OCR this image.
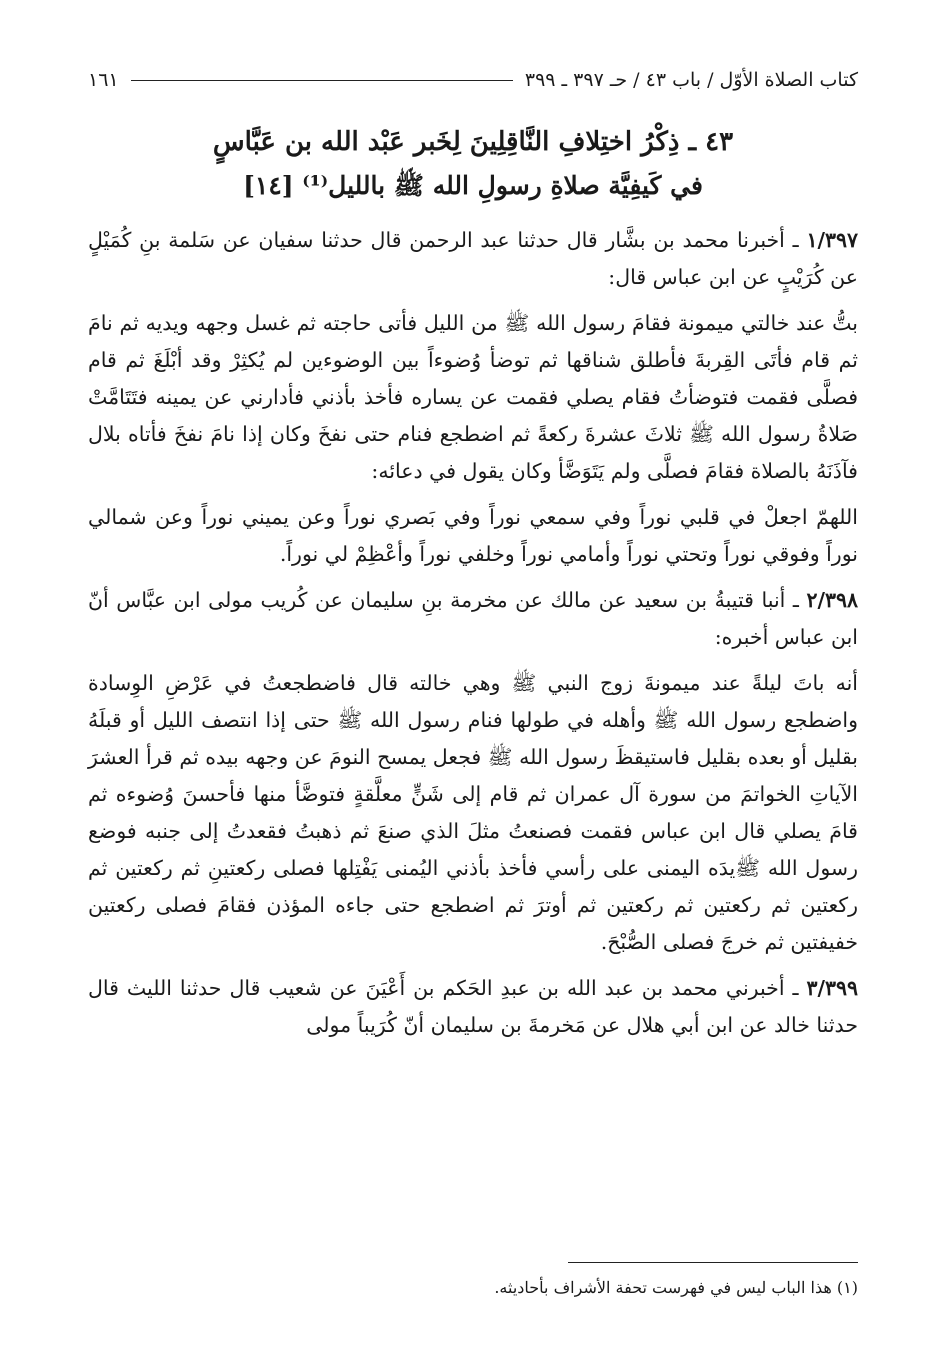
كتاب الصلاة الأوّل / باب ٤٣ / حـ ٣٩٧ ـ ٣٩٩
١٦١
٤٣ ـ ذِكْرُ اختِلافِ النَّاقِلِينَ لِخَبر عَبْد الله بن عَبَّاسٍ
في كَيفِيَّة صلاةِ رسولِ الله ﷺ بالليل⁽¹⁾ [١٤]

١/٣٩٧ ـ أخبرنا محمد بن بشَّار قال حدثنا عبد الرحمن قال حدثنا سفيان عن سَلمة بنِ كُمَيْلٍ عن كُرَيْبٍ عن ابن عباس قال:

بتُّ عند خالتي ميمونة فقامَ رسول الله ﷺ من الليل فأتى حاجته ثم غسل وجهه ويديه ثم نامَ ثم قام فأتَى القِربةَ فأطلق شناقها ثم توضأ وُضوءاً بين الوضوءين لم يُكثِرْ وقد أبْلَغَ ثم قام فصلَّى فقمت فتوضأتُ فقام يصلي فقمت عن يساره فأخذ بأذني فأدارني عن يمينه فتَتَامَّتْ صَلاةُ رسول الله ﷺ ثلاثَ عشرةَ ركعةً ثم اضطجع فنام حتى نفخَ وكان إذا نامَ نفخَ فأتاه بلال فآذَنَهُ بالصلاة فقامَ فصلَّى ولم يَتَوَضَّأ وكان يقول في دعائه:

اللهمّ اجعلْ في قلبي نوراً وفي سمعي نوراً وفي بَصري نوراً وعن يميني نوراً وعن شمالي نوراً وفوقي نوراً وتحتي نوراً وأمامي نوراً وخلفي نوراً وأعْظِمْ لي نوراً.

٢/٣٩٨ ـ أنبا قتيبةُ بن سعيد عن مالك عن مخرمة بنِ سليمان عن كُريب مولى ابن عبَّاس أنّ ابن عباس أخبره:

أنه باتَ ليلةً عند ميمونةَ زوج النبي ﷺ وهي خالته قال فاضطجعتُ في عَرْضِ الوِسادة واضطجع رسول الله ﷺ وأهله في طولها فنام رسول الله ﷺ حتى إذا انتصف الليل أو قبلَهُ بقليل أو بعده بقليل فاستيقظَ رسول الله ﷺ فجعل يمسح النومَ عن وجهه بيده ثم قرأ العشرَ الآياتِ الخواتمَ من سورة آل عمران ثم قام إلى شَنٍّ معلَّقةٍ فتوضَّأ منها فأحسنَ وُضوءه ثم قامَ يصلي قال ابن عباس فقمت فصنعتُ مثلَ الذي صنعَ ثم ذهبتُ فقعدتُ إلى جنبه فوضع رسول الله ﷺيدَه اليمنى على رأسي فأخذ بأذني اليُمنى يَفْتِلها فصلى ركعتينِ ثم ركعتين ثم ركعتين ثم ركعتين ثم ركعتين ثم أوترَ ثم اضطجع حتى جاءه المؤذن فقامَ فصلى ركعتين خفيفتين ثم خرجَ فصلى الصُّبْحَ.

٣/٣٩٩ ـ أخبرني محمد بن عبد الله بن عبدِ الحَكم بن أَعْيَنَ عن شعيب قال حدثنا الليث قال حدثنا خالد عن ابن أبي هلال عن مَخرمةَ بن سليمان أنّ كُرَيباً مولى

(١) هذا الباب ليس في فهرست تحفة الأشراف بأحاديثه.
